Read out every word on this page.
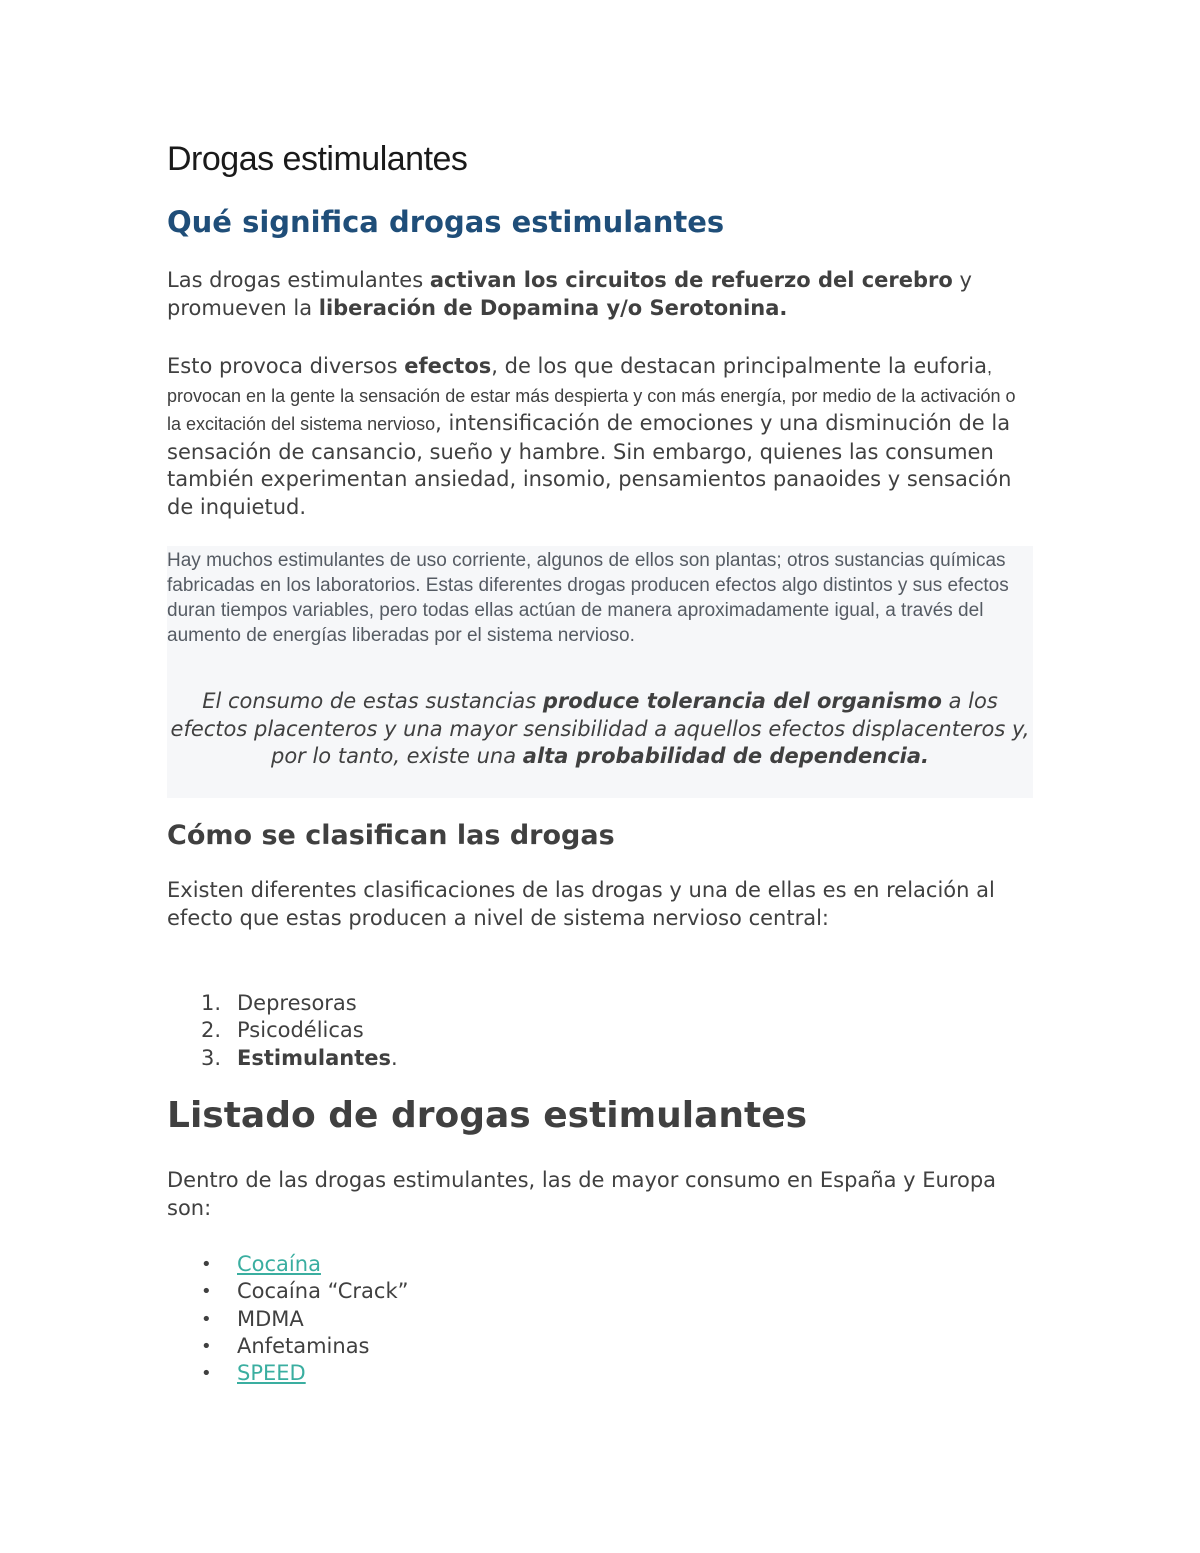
Drogas estimulantes
Qué significa drogas estimulantes
Las drogas estimulantes activan los circuitos de refuerzo del cerebro y promueven la liberación de Dopamina y/o Serotonina.
Esto provoca diversos efectos, de los que destacan principalmente la euforia, provocan en la gente la sensación de estar más despierta y con más energía, por medio de la activación o la excitación del sistema nervioso, intensificación de emociones y una disminución de la sensación de cansancio, sueño y hambre. Sin embargo, quienes las consumen también experimentan ansiedad, insomio, pensamientos panaoides y sensación de inquietud.
Hay muchos estimulantes de uso corriente, algunos de ellos son plantas; otros sustancias químicas fabricadas en los laboratorios. Estas diferentes drogas producen efectos algo distintos y sus efectos duran tiempos variables, pero todas ellas actúan de manera aproximadamente igual, a través del aumento de energías liberadas por el sistema nervioso.
El consumo de estas sustancias produce tolerancia del organismo a los efectos placenteros y una mayor sensibilidad a aquellos efectos displacenteros y, por lo tanto, existe una alta probabilidad de dependencia.
Cómo se clasifican las drogas
Existen diferentes clasificaciones de las drogas y una de ellas es en relación al efecto que estas producen a nivel de sistema nervioso central:
1. Depresoras
2. Psicodélicas
3. Estimulantes.
Listado de drogas estimulantes
Dentro de las drogas estimulantes, las de mayor consumo en España y Europa son:
• Cocaína
• Cocaína “Crack”
• MDMA
• Anfetaminas
• SPEED
